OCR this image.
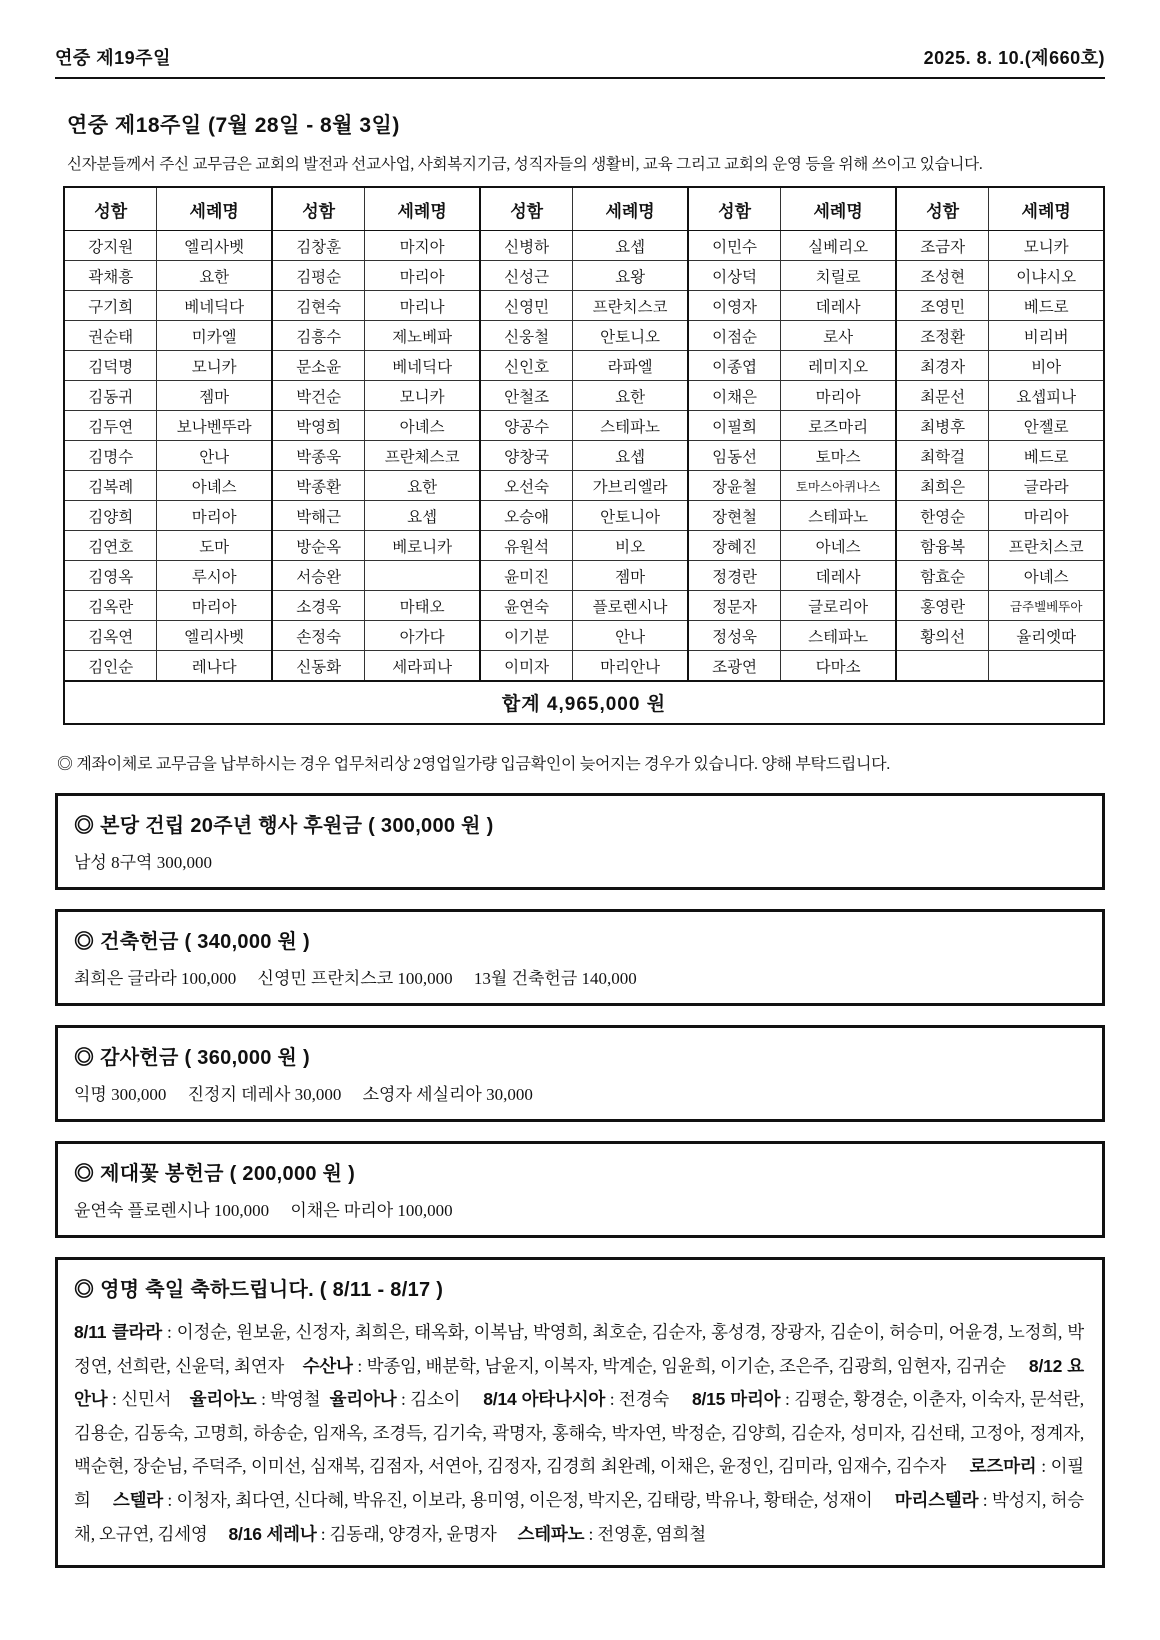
연중 제19주일	2025. 8. 10.(제660호)
연중 제18주일 (7월 28일 - 8월 3일)
신자분들께서 주신 교무금은 교회의 발전과 선교사업, 사회복지기금, 성직자들의 생활비, 교육 그리고 교회의 운영 등을 위해 쓰이고 있습니다.
성함	세례명	성함	세례명	성함	세례명	성함	세례명	성함	세례명
강지원	엘리사벳	김창훈	마지아	신병하	요셉	이민수	실베리오	조금자	모니카
곽채흥	요한	김평순	마리아	신성근	요왕	이상덕	치릴로	조성현	이냐시오
구기희	베네딕다	김현숙	마리나	신영민	프란치스코	이영자	데레사	조영민	베드로
권순태	미카엘	김흥수	제노베파	신웅철	안토니오	이점순	로사	조정환	비리버
김덕명	모니카	문소윤	베네딕다	신인호	라파엘	이종엽	레미지오	최경자	비아
김동귀	젬마	박건순	모니카	안철조	요한	이채은	마리아	최문선	요셉피나
김두연	보나벤뚜라	박영희	아녜스	양공수	스테파노	이필희	로즈마리	최병후	안젤로
김명수	안나	박종욱	프란체스코	양창국	요셉	임동선	토마스	최학걸	베드로
김복례	아녜스	박종환	요한	오선숙	가브리엘라	장윤철	토마스아퀴나스	최희은	글라라
김양희	마리아	박해근	요셉	오승애	안토니아	장현철	스테파노	한영순	마리아
김연호	도마	방순옥	베로니카	유원석	비오	장혜진	아네스	함융복	프란치스코
김영옥	루시아	서승완		윤미진	젬마	정경란	데레사	함효순	아녜스
김옥란	마리아	소경욱	마태오	윤연숙	플로렌시나	정문자	글로리아	홍영란	금주벨베뚜아
김옥연	엘리사벳	손정숙	아가다	이기분	안나	정성욱	스테파노	황의선	율리엣따
김인순	레나다	신동화	세라피나	이미자	마리안나	조광연	다마소		
합계 4,965,000 원									
◎ 계좌이체로 교무금을 납부하시는 경우 업무처리상 2영업일가량 입금확인이 늦어지는 경우가 있습니다. 양해 부탁드립니다.
◎ 본당 건립 20주년 행사 후원금 ( 300,000 원 )
남성 8구역 300,000
◎ 건축헌금 ( 340,000 원 )
최희은 글라라 100,000     신영민 프란치스코 100,000     13월 건축헌금 140,000
◎ 감사헌금 ( 360,000 원 )
익명 300,000     진정지 데레사 30,000     소영자 세실리아 30,000
◎ 제대꽃 봉헌금 ( 200,000 원 )
윤연숙 플로렌시나 100,000     이채은 마리아 100,000
◎ 영명 축일 축하드립니다. ( 8/11 - 8/17 )
8/11 클라라 : 이정순, 원보윤, 신정자, 최희은, 태옥화, 이복남, 박영희, 최호순, 김순자, 홍성경, 장광자, 김순이, 허승미, 어윤경, 노정희, 박정연, 선희란, 신윤덕, 최연자    수산나 : 박종임, 배분학, 남윤지, 이복자, 박계순, 임윤희, 이기순, 조은주, 김광희, 임현자, 김귀순     8/12 요안나 : 신민서    율리아노 : 박영철  율리아나 : 김소이     8/14 아타나시아 : 전경숙     8/15 마리아 : 김평순, 황경순, 이춘자, 이숙자, 문석란, 김용순, 김동숙, 고명희, 하송순, 임재옥, 조경득, 김기숙, 곽명자, 홍해숙, 박자연, 박정순, 김양희, 김순자, 성미자, 김선태, 고정아, 정계자, 백순현, 장순님, 주덕주, 이미선, 심재복, 김점자, 서연아, 김정자, 김경희 최완례, 이채은, 윤정인, 김미라, 임재수, 김수자     로즈마리 : 이필희     스텔라 : 이청자, 최다연, 신다혜, 박유진, 이보라, 용미영, 이은정, 박지온, 김태랑, 박유나, 황태순, 성재이     마리스텔라 : 박성지, 허승채, 오규연, 김세영     8/16 세레나 : 김동래, 양경자, 윤명자     스테파노 : 전영훈, 염희철
